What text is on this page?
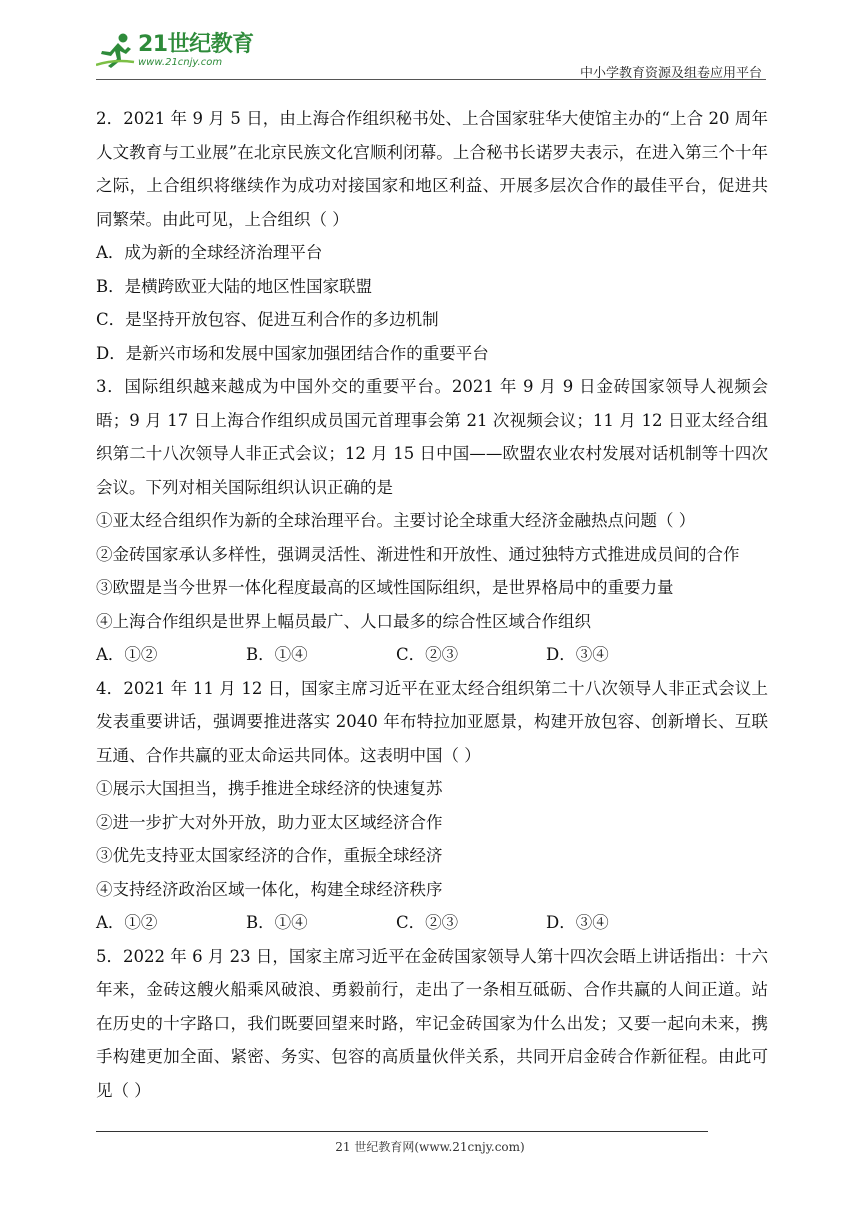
21世纪教育
www.21cnjy.com
中小学教育资源及组卷应用平台

2．2021 年 9 月 5 日，由上海合作组织秘书处、上合国家驻华大使馆主办的“上合 20 周年人文教育与工业展”在北京民族文化宫顺利闭幕。上合秘书长诺罗夫表示，在进入第三个十年之际，上合组织将继续作为成功对接国家和地区利益、开展多层次合作的最佳平台，促进共同繁荣。由此可见，上合组织（ ）

A．成为新的全球经济治理平台

B．是横跨欧亚大陆的地区性国家联盟

C．是坚持开放包容、促进互利合作的多边机制

D．是新兴市场和发展中国家加强团结合作的重要平台

3．国际组织越来越成为中国外交的重要平台。2021 年 9 月 9 日金砖国家领导人视频会晤；9 月 17 日上海合作组织成员国元首理事会第 21 次视频会议；11 月 12 日亚太经合组织第二十八次领导人非正式会议；12 月 15 日中国——欧盟农业农村发展对话机制等十四次会议。下列对相关国际组织认识正确的是

①亚太经合组织作为新的全球治理平台。主要讨论全球重大经济金融热点问题（ ）

②金砖国家承认多样性，强调灵活性、渐进性和开放性、通过独特方式推进成员间的合作

③欧盟是当今世界一体化程度最高的区域性国际组织，是世界格局中的重要力量

④上海合作组织是世界上幅员最广、人口最多的综合性区域合作组织

A．①②	B．①④	C．②③	D．③④

4．2021 年 11 月 12 日，国家主席习近平在亚太经合组织第二十八次领导人非正式会议上发表重要讲话，强调要推进落实 2040 年布特拉加亚愿景，构建开放包容、创新增长、互联互通、合作共赢的亚太命运共同体。这表明中国（ ）

①展示大国担当，携手推进全球经济的快速复苏

②进一步扩大对外开放，助力亚太区域经济合作

③优先支持亚太国家经济的合作，重振全球经济

④支持经济政治区域一体化，构建全球经济秩序

A．①②	B．①④	C．②③	D．③④

5．2022 年 6 月 23 日，国家主席习近平在金砖国家领导人第十四次会晤上讲话指出：十六年来，金砖这艘火船乘风破浪、勇毅前行，走出了一条相互砥砺、合作共赢的人间正道。站在历史的十字路口，我们既要回望来时路，牢记金砖国家为什么出发；又要一起向未来，携手构建更加全面、紧密、务实、包容的高质量伙伴关系，共同开启金砖合作新征程。由此可见（ ）

21 世纪教育网(www.21cnjy.com)
